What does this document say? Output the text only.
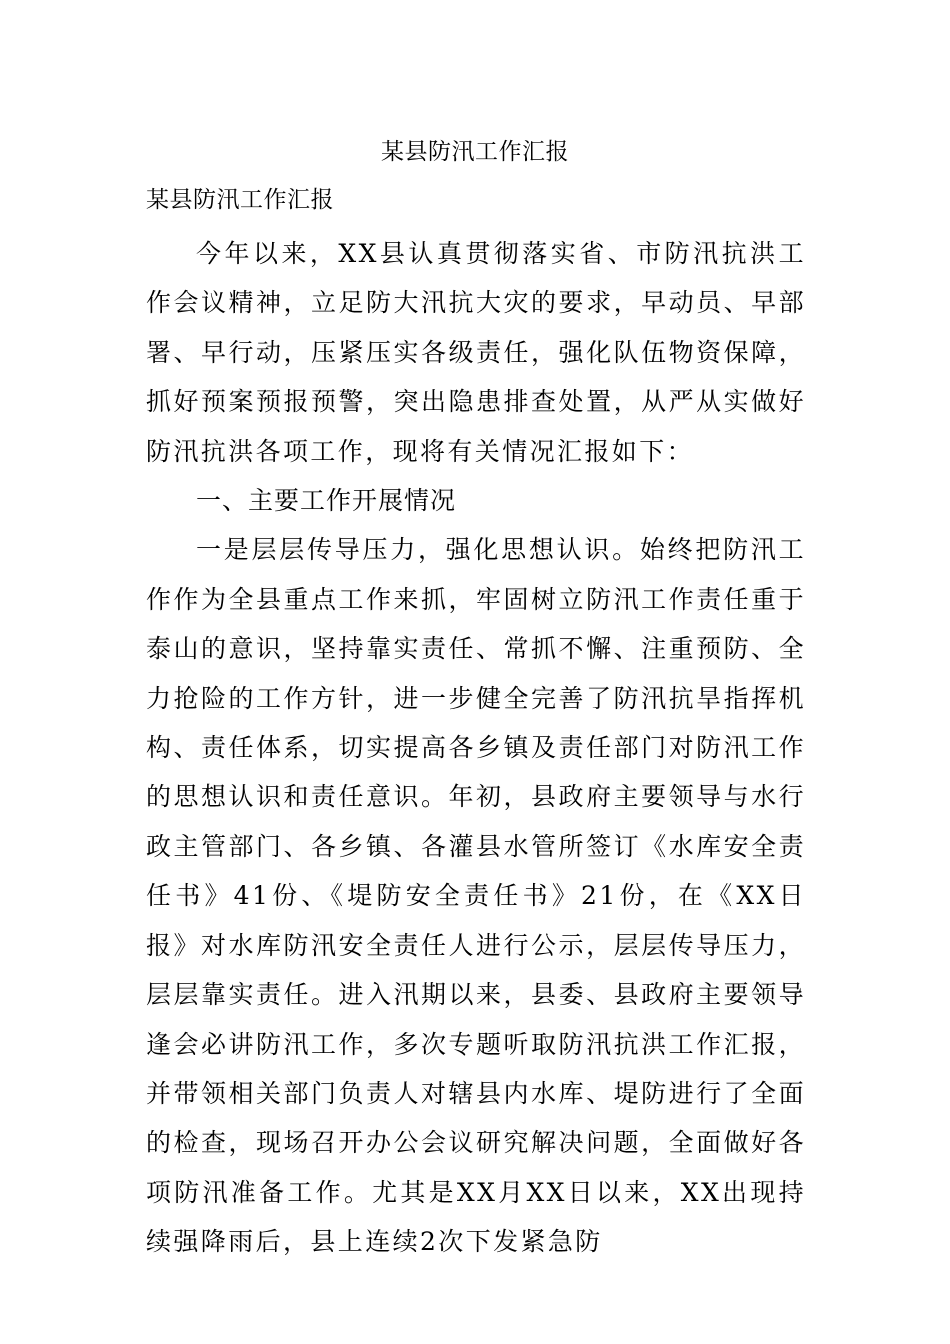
某县防汛工作汇报
某县防汛工作汇报

今年以来，XX县认真贯彻落实省、市防汛抗洪工作会议精神，立足防大汛抗大灾的要求，早动员、早部署、早行动，压紧压实各级责任，强化队伍物资保障，抓好预案预报预警，突出隐患排查处置，从严从实做好防汛抗洪各项工作，现将有关情况汇报如下：

一、主要工作开展情况

一是层层传导压力，强化思想认识。始终把防汛工作作为全县重点工作来抓，牢固树立防汛工作责任重于泰山的意识，坚持靠实责任、常抓不懈、注重预防、全力抢险的工作方针，进一步健全完善了防汛抗旱指挥机构、责任体系，切实提高各乡镇及责任部门对防汛工作的思想认识和责任意识。年初，县政府主要领导与水行政主管部门、各乡镇、各灌县水管所签订《水库安全责任书》41份、《堤防安全责任书》21份，在《XX日报》对水库防汛安全责任人进行公示，层层传导压力，层层靠实责任。进入汛期以来，县委、县政府主要领导逢会必讲防汛工作，多次专题听取防汛抗洪工作汇报，并带领相关部门负责人对辖县内水库、堤防进行了全面的检查，现场召开办公会议研究解决问题，全面做好各项防汛准备工作。尤其是XX月XX日以来，XX出现持续强降雨后，县上连续2次下发紧急防
